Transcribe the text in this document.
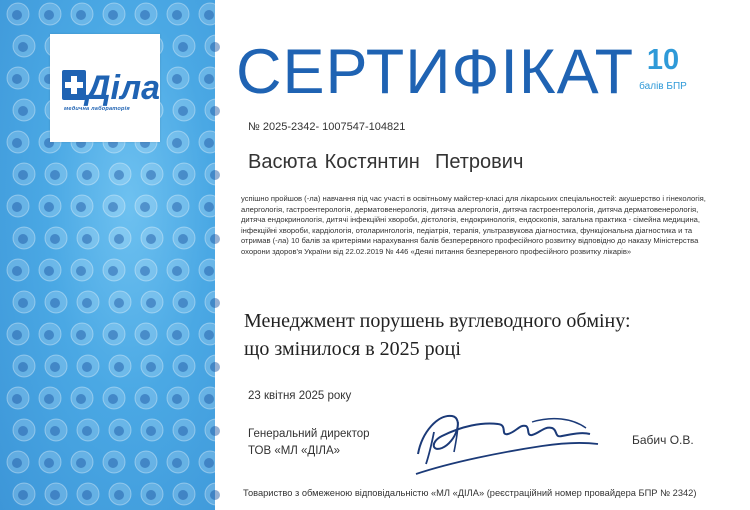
Діла
медична лабораторія
СЕРТИФІКАТ 10
балів БПР
№ 2025-2342- 1007547-104821
Васюта Костянтин  Петрович
успішно пройшов (-ла) навчання під час участі в освітньому майстер-класі для лікарських спеціальностей: акушерство і гінекологія, алергологія, гастроентерологія, дерматовенерологія, дитяча алергологія, дитяча гастроентерологія, дитяча дерматовенерологія, дитяча ендокринологія, дитячі інфекційні хвороби, дієтологія, ендокринологія, ендоскопія, загальна практика - сімейна медицина, інфекційні хвороби, кардіологія, отоларингологія, педіатрія, терапія, ультразвукова діагностика, функціональна діагностика и та отримав (-ла) 10 балів за критеріями нарахування балів безперервного професійного розвитку відповідно до наказу Міністерства охорони здоров'я України від 22.02.2019 № 446 «Деякі питання безперервного професійного розвитку лікарів»
Менеджмент порушень вуглеводного обміну:
що змінилося в 2025 році
23 квітня 2025 року
Генеральний директор
ТОВ «МЛ «ДІЛА»
Бабич О.В.
Товариство з обмеженою відповідальністю «МЛ «ДІЛА» (реєстраційний номер провайдера БПР № 2342)
